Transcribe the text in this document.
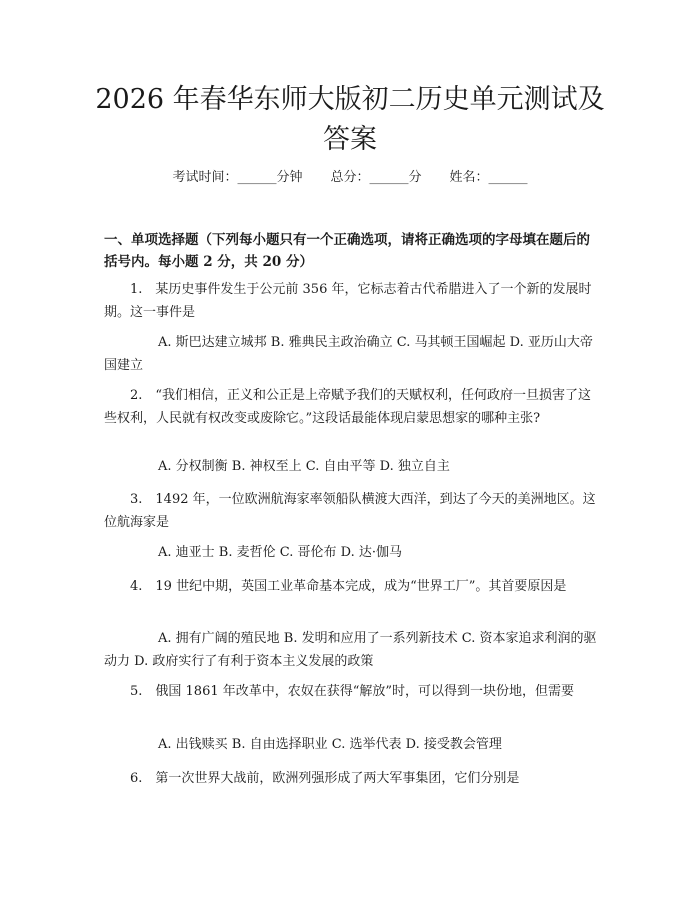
2026 年春华东师大版初二历史单元测试及答案
考试时间：______分钟 总分：______分 姓名：______

一、单项选择题（下列每小题只有一个正确选项，请将正确选项的字母填在题后的括号内。每小题 2 分，共 20 分）

1.　某历史事件发生于公元前 356 年，它标志着古代希腊进入了一个新的发展时期。这一事件是

A. 斯巴达建立城邦 B. 雅典民主政治确立 C. 马其顿王国崛起 D. 亚历山大帝国建立

2.　“我们相信，正义和公正是上帝赋予我们的天赋权利，任何政府一旦损害了这些权利，人民就有权改变或废除它。”这段话最能体现启蒙思想家的哪种主张?

A. 分权制衡 B. 神权至上 C. 自由平等 D. 独立自主

3.　1492 年，一位欧洲航海家率领船队横渡大西洋，到达了今天的美洲地区。这位航海家是

A. 迪亚士 B. 麦哲伦 C. 哥伦布 D. 达·伽马

4.　19 世纪中期，英国工业革命基本完成，成为“世界工厂”。其首要原因是

A. 拥有广阔的殖民地 B. 发明和应用了一系列新技术 C. 资本家追求利润的驱动力 D. 政府实行了有利于资本主义发展的政策

5.　俄国 1861 年改革中，农奴在获得“解放”时，可以得到一块份地，但需要

A. 出钱赎买 B. 自由选择职业 C. 选举代表 D. 接受教会管理

6.　第一次世界大战前，欧洲列强形成了两大军事集团，它们分别是
